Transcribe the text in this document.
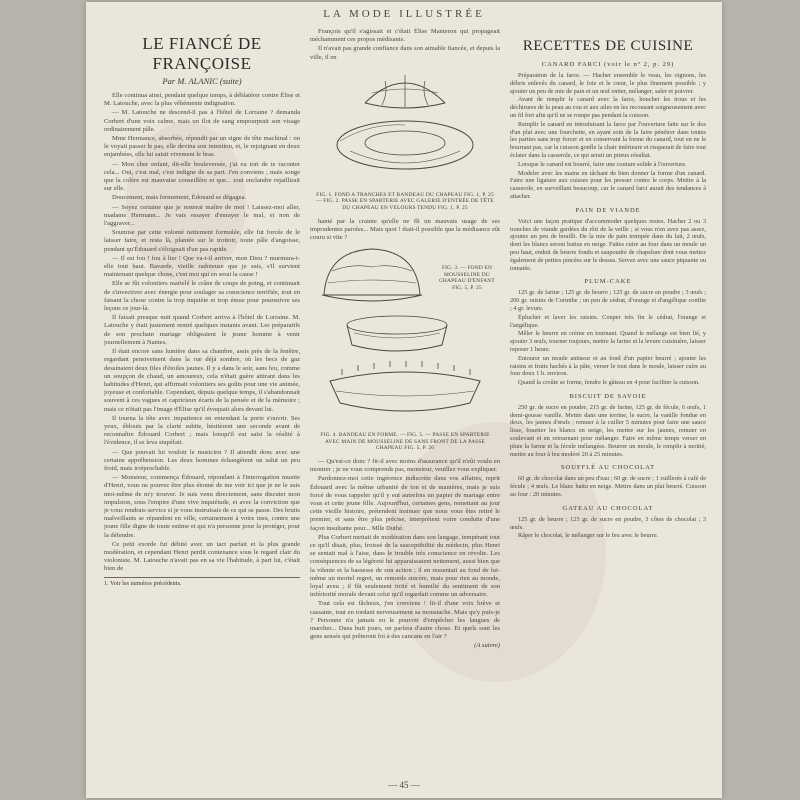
LA MODE ILLUSTRÉE
LE FIANCÉ DE FRANÇOISE
Par M. ALANIC (suite)

Elle continua ainsi, pendant quelque temps, à déblatérer contre Élise et M. Latouche, avec la plus véhémente indignation.

— M. Latouche ne descend-il pas à l'hôtel de Lorraine ? demanda Corbert d'une voix calme, mais un flot de sang empourprait son visage ordinairement pâle.

Mme Hermance, absorbée, répondit par un signe de tête machinal : on le voyait passer le pas, elle devina son intention, et, le rejoignant en deux enjambées, elle lui saisit vivement le bras.

— Mon cher enfant, dit-elle bouleversée, j'ai eu tort de te raconter cela... Oui, c'est mal, c'est indigne de sa part. J'en conviens ; mais songe que la colère est mauvaise conseillère et que... tout enclandre rejaillirait sur elle.

Doucement, mais fermement, Édouard se dégagea.

— Soyez certaine que je resterai maître de moi ! Laissez-moi aller, madame Hermann... Je vais essayer d'enrayer le mal, et non de l'aggraver...

Soumise par cette volonté nettement formulée, elle fut forcée de le laisser faire, et resta là, plantée sur le trottoir, toute pâle d'angoisse, pendant qu'Édouard s'éloignait d'un pas rapide.

— Il est fou ! fou à lier ! Que va-t-il arriver, mon Dieu ? murmura-t-elle tout haut. Bavarde, vieille radoteuse que je suis, s'il survient maintenant quelque chose, c'est moi qui en serai la cause !

Elle se fût volontiers martelé le crâne de coups de poing, et continuait de s'invectiver avec énergie pour soulager sa conscience terrifiée, tout en faisant la chose contre la trop inquiète et trop émue pour poursuivre ses leçons ce jour-là.

Il faisait presque nuit quand Corbert arriva à l'hôtel de Lorraine. M. Latouche y était justement rentré quelques instants avant. Les préparatifs de son prochain mariage obligeaient le jeune homme à venir journellement à Nantes.

Il était encore sans lumière dans sa chambre, assis près de la fenêtre, regardant pensivement dans la rue déjà sombre, où les becs de gaz dessinaient deux files d'étoiles jaunes. Il y a dans le soir, sans feu, comme un soupçon de chaud, un amoureux, cela n'était guère attirant dans les habitudes d'Henri, qui affirmait volontiers ses goûts pour une vie animée, joyeuse et confortable. Cependant, depuis quelque temps, il s'abandonnait souvent à ces vagues et capricieux écarts de la pensée et de la mémoire ; mais ce n'était pas l'image d'Élise qu'il évoquait alors devant lui.

Il tourna la tête avec impatience en entendant la porte s'ouvrir. Ses yeux, éblouis par la clarté subite, hésitèrent une seconde avant de reconnaître Édouard Corbert ; mais lorsqu'il eut saisi la réalité à l'évidence, il se leva stupéfait.

— Que pouvait lui vouloir le musicien ? Il attendit donc avec une certaine appréhension. Les deux hommes échangèrent un salut un peu froid, mais irréprochable.

— Monsieur, commença Édouard, répondant à l'interrogation muette d'Henri, vous ne pouvez être plus étonné de me voir ici que je ne le suis moi-même de m'y trouver. Je suis venu directement, sans discuter mon impulsion, sous l'empire d'une vive inquiétude, et avec la conviction que je vous rendrais service si je vous instruisais de ce qui se passe. Des bruits malveillants se répandent en ville, certainement à votre insu, contre une jeune fille digne de toute estime et qui n'a personne pour la protéger, pour la défendre.

Ce petit exorde fut débité avec un tact parfait et la plus grande modération, et cependant Henri perdit contenance sous le regard clair du violoniste. M. Latouche n'avait pas en sa vie l'habitude, à part lui, c'était bien de

1. Voir les numéros précédents.

François qu'il s'agissait et c'était Élise Manteron qui propageait méchamment ces propos médisants.

Il n'avait pas grande confiance dans son aimable fiancée, et depuis la ville, il en

FIG. 1. FOND A TRANCHES ET BANDEAU DU CHAPEAU FIG. 1, P. 25 — FIG. 2. PASSE EN SPARTERIE AVEC GALERIE D'ENTRÉE DE TÊTE DU CHAPEAU EN VELOURS TENDU FIG. 1, P. 25

hanté par la crainte qu'elle ne fît un mauvais usage de ses imprudentes paroles... Mais quoi ! était-il possible que la médisance eût couru si vite ?

FIG. 3. — FOND EN MOUSSELINE DU CHAPEAU D'ENFANT FIG. 5, P. 25
FIG. 4. BANDEAU EN FORME. — FIG. 5. — PASSE EN SPARTERIE AVEC MAIN DE MOUSSELINE DE SANS FRONT DE LA PASSE CHAPEAU FIG. 5, P. 26

— Qu'est-ce donc ? fit-il avec moins d'assurance qu'il n'eût voulu en montrer ; je ne vous comprends pas, monsieur, veuillez vous expliquer.

Pardonnez-moi cette ingérence indiscrète dans vos affaires, reprit Édouard avec la même urbanité de ton et de manières, mais je suis forcé de vous rappeler qu'il y eut autrefois un papier de mariage entre vous et cette jeune fille. Aujourd'hui, certaines gens, remettant au jour cette vieille histoire, prétendent insinuer que nous vous êtes retiré le premier, et sans être plus précise, interprètent votre conduite d'une façon insultante pour... Mlle Duthé.

Plus Corbert mettait de modération dans son langage, tempérant tout ce qu'il disait, plus, froissé de la susceptibilité du médecin, plus Henri se sentait mal à l'aise, dans le trouble très conscience en révolte. Les conséquences de sa légèreté lui apparaissaient nettement, aussi bien que la vilenie et la bassesse de son action ; il en ressentait au fond de lui-même un mortel regret, un remords sincère, mais pour rien au monde, loyal aveu ; il fût seulement irrité et humilié du sentiment de son infériorité morale devant celui qu'il regardait comme un adversaire.

Tout cela est fâcheux, j'en conviens ! fit-il d'une voix brève et cassante, tout en tordant nerveusement sa moustache. Mais qu'y puis-je ? Personne n'a jamais eu le pouvoir d'empêcher les langues de marcher... Dans huit jours, on parlera d'autre chose. Et quels sont les gens sensés qui prêteront foi à des cancans en l'air ?

(A suivre)
RECETTES DE CUISINE
CANARD FARCI (voir le nº 2, p. 29)

Préparation de la farce. — Hacher ensemble le veau, les oignons, les débris enlevés du canard, le foie et le cœur, le plus finement possible ; y ajouter un peu de mie de pain et un œuf entier, mélanger, saler et poivrer.

Avant de remplir le canard avec la farce, boucher les trous et les déchirures de la peau au cou et aux ailes en les recousant soigneusement avec un fil fort afin qu'il ne se rompe pas pendant la cuisson.

Remplir le canard en introduisant la farce par l'ouverture faite sur le dos d'un plat avec une fourchette, en ayant soin de la faire pénétrer dans toutes les parties sans trop forcer et en conservant la forme du canard, tout en ne le bourrant pas, car la cuisson gonfle la chair intérieure et risquerait de faire tout éclater dans la casserole, ce qui serait un piteux résultat.

Lorsque le canard est bourré, faire une couture solide à l'ouverture.

Modeler avec les mains en tâchant de bien donner la forme d'un canard. Faire une ligature aux cuisses pour les presser contre le corps. Mettre à la casserole, en surveillant beaucoup, car le canard farci aurait des tendances à attacher.

PAIN DE VIANDE

Voici une façon pratique d'accommoder quelques restes. Hacher 2 ou 3 tranches de viande gardées du rôti de la veille ; si vous n'en avez pas assez, ajoutez un peu de bouilli. De la mie de pain trempée dans du lait, 2 œufs, dont les blancs seront battus en neige. Faites cuire au four dans un moule un peu haut, enduit de beurre fondu et saupoudré de chapelure dont vous mettez également de petites pincées sur le dessus. Servez avec une sauce piquante ou tomatée.

PLUM-CAKE

125 gr. de farine ; 125 gr. de beurre ; 125 gr. de sucre en poudre ; 3 œufs ; 200 gr. raisins de Corinthe ; un peu de cédrat, d'orange et d'angélique confite ; 4 gr. levure.

Éplucher et laver les raisins. Couper très fin le cédrat, l'orange et l'angélique.

Mêler le beurre en crème en tournant. Quand le mélange est bien lié, y ajouter 3 œufs, tourner toujours, mettre la farine et la levure cuisinière, laisser reposer 1 heure.

Entourer un moule antiseur et au fond d'un papier beurré ; ajouter les raisins et fruits hachés à la pâte, verser le tout dans le moule, laisser cuire au four doux 1 h. environ.

Quand la croûte se forme, fendre le gâteau en 4 pour faciliter la cuisson.

BISCUIT DE SAVOIE

250 gr. de sucre en poudre, 215 gr. de farine, 125 gr. de fécule, 6 œufs, 1 demi-gousse vanille. Mettre dans une terrine, le sucre, la vanille fondue en deux, les jaunes d'œufs ; remuer à la cuiller 5 minutes pour faire une sauce lisse, fouetter les blancs en neige, les mettre sur les jaunes, remuer en soulevant et en retournant pour mélanger. Faire en même temps verser en pluie la farine et la fécule mélangées. Beurrer un moule, le remplir à moitié, mettre au four à feu modéré 20 à 25 minutes.

SOUFFLÉ AU CHOCOLAT

60 gr. de chocolat dans un peu d'eau ; 60 gr. de sucre ; 1 cuillerée à café de fécule ; 4 œufs. Le blanc battu en neige. Mettre dans un plat beurré. Cuisson au four : 20 minutes.

GATEAU AU CHOCOLAT

125 gr. de beurre ; 125 gr. de sucre en poudre, 3 côtes de chocolat ; 3 œufs.

Râper le chocolat, le mélanger sur le feu avec le beurre.

— 45 —
